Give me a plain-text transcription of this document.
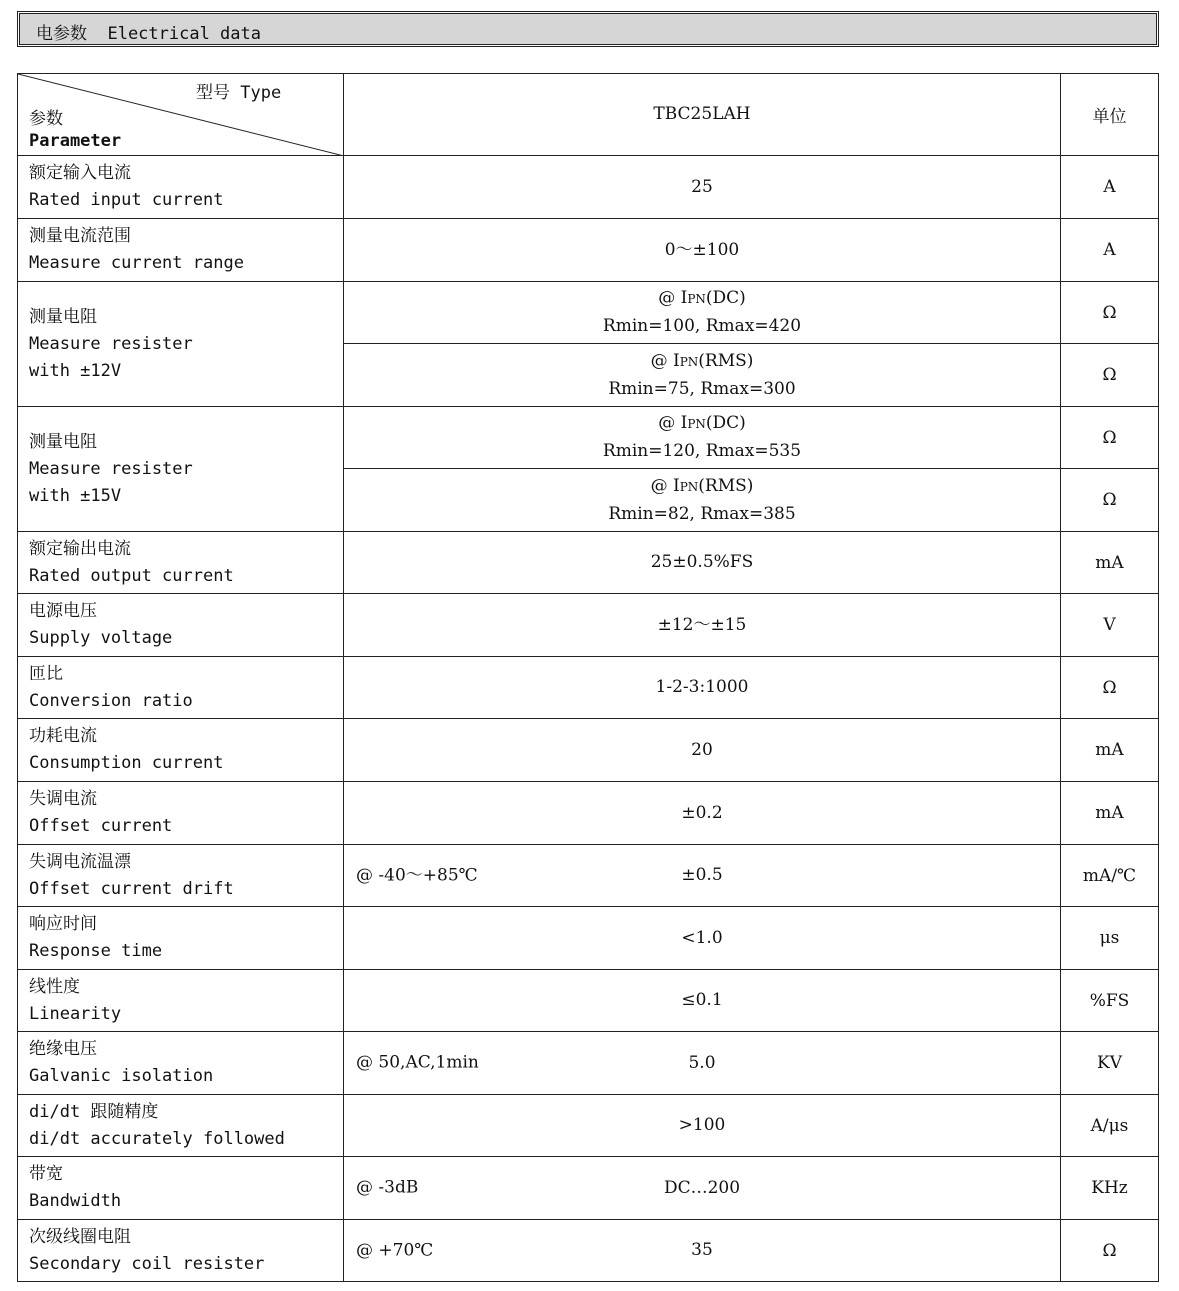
电参数  Electrical data
型号 Type
参数
Parameter	TBC25LAH	单位

额定输入电流
Rated input current	25	A

测量电流范围
Measure current range	0～±100	A

测量电阻
Measure resister
with ±12V	@ IPN(DC)
Rmin=100, Rmax=420	Ω

	@ IPN(RMS)
Rmin=75, Rmax=300	Ω

测量电阻
Measure resister
with ±15V	@ IPN(DC)
Rmin=120, Rmax=535	Ω

	@ IPN(RMS)
Rmin=82, Rmax=385	Ω

额定输出电流
Rated output current	25±0.5%FS	mA

电源电压
Supply voltage	±12～±15	V

匝比
Conversion ratio	1-2-3:1000	Ω

功耗电流
Consumption current	20	mA

失调电流
Offset current	±0.2	mA

失调电流温漂
Offset current drift	@ -40～+85℃ ±0.5	mA/℃

响应时间
Response time	<1.0	μs

线性度
Linearity	≤0.1	%FS

绝缘电压
Galvanic isolation	@ 50,AC,1min 5.0	KV

di/dt 跟随精度
di/dt accurately followed	>100	A/μs

带宽
Bandwidth	@ -3dB DC…200	KHz

次级线圈电阻
Secondary coil resister	@ +70℃ 35	Ω
